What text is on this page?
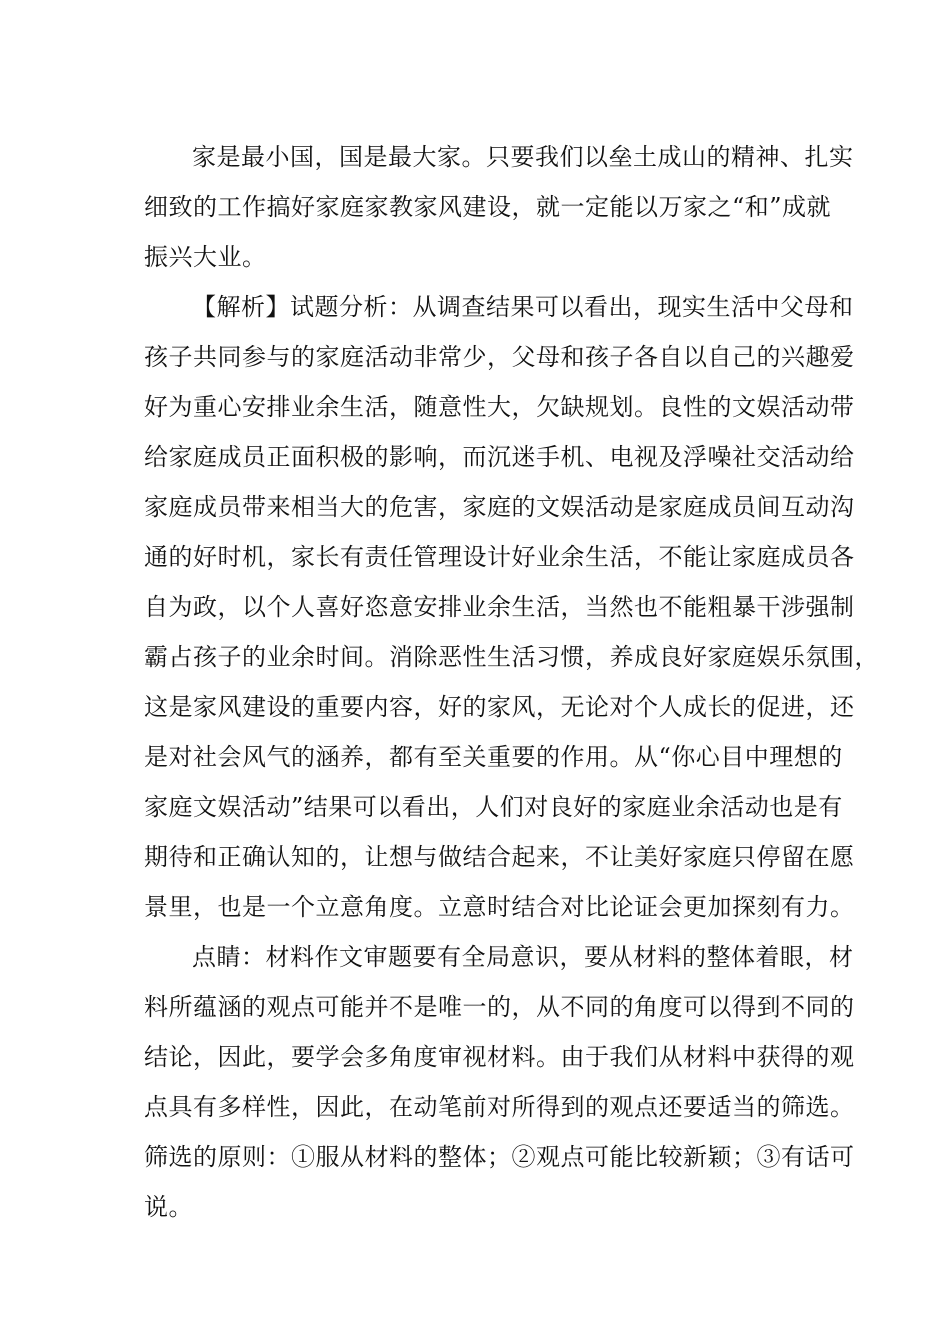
家是最小国，国是最大家。只要我们以垒土成山的精神、扎实
细致的工作搞好家庭家教家风建设，就一定能以万家之“和”成就
振兴大业。
【解析】试题分析：从调查结果可以看出，现实生活中父母和
孩子共同参与的家庭活动非常少，父母和孩子各自以自己的兴趣爱
好为重心安排业余生活，随意性大，欠缺规划。良性的文娱活动带
给家庭成员正面积极的影响，而沉迷手机、电视及浮噪社交活动给
家庭成员带来相当大的危害，家庭的文娱活动是家庭成员间互动沟
通的好时机，家长有责任管理设计好业余生活，不能让家庭成员各
自为政，以个人喜好恣意安排业余生活，当然也不能粗暴干涉强制
霸占孩子的业余时间。消除恶性生活习惯，养成良好家庭娱乐氛围，
这是家风建设的重要内容，好的家风，无论对个人成长的促进，还
是对社会风气的涵养，都有至关重要的作用。从“你心目中理想的
家庭文娱活动”结果可以看出，人们对良好的家庭业余活动也是有
期待和正确认知的，让想与做结合起来，不让美好家庭只停留在愿
景里，也是一个立意角度。立意时结合对比论证会更加探刻有力。
点睛：材料作文审题要有全局意识，要从材料的整体着眼，材
料所蕴涵的观点可能并不是唯一的，从不同的角度可以得到不同的
结论，因此，要学会多角度审视材料。由于我们从材料中获得的观
点具有多样性，因此，在动笔前对所得到的观点还要适当的筛选。
筛选的原则：①服从材料的整体；②观点可能比较新颖；③有话可
说。
